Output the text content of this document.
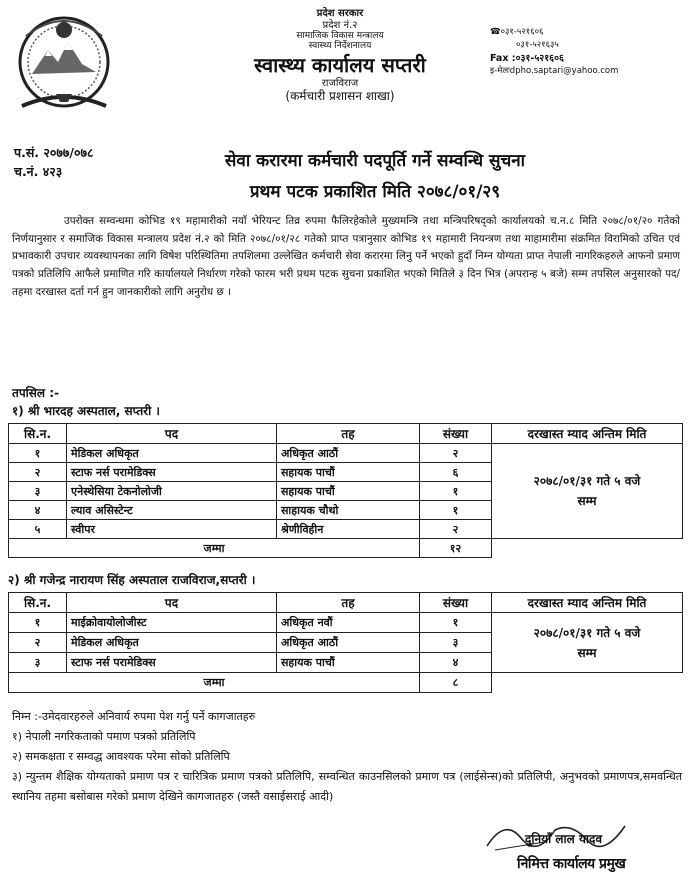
प्रदेश सरकार
प्रदेश नं.२
सामाजिक विकास मन्त्रालय
स्वास्थ्य निर्देशनालय
स्वास्थ्य कार्यालय सप्तरी
राजविराज
(कर्मचारी प्रशासन शाखा)
☎०३१-५२१६०६
०३१-५२१६३५
Fax :०३१-५२१६०६
इ-मेलःdpho.saptari@yahoo.com
प.सं. २०७७/०७८
च.नं. ४२३
सेवा करारमा कर्मचारी पदपूर्ति गर्ने सम्वन्धि सुचना
प्रथम पटक प्रकाशित मिति २०७८/०१/२९
उपरोक्त सम्वन्धमा कोभिड १९ महामारीको नयाँ भेरियन्ट तिव्र रुपमा फैलिरहेकोले मुख्यमन्त्रि तथा मन्त्रिपरिषद्को कार्यालयको च.न.८ मिति २०७८/०१/२० गतेको निर्णयानुसार र समाजिक विकास मन्त्रालय प्रदेश नं.२ को मिति २०७८/०१/२८ गतेको प्राप्त पत्रानुसार कोभिड १९ महामारी नियन्त्रण तथा माहामारीमा संक्रमित विरामिको उचित एवं प्रभावकारी उपचार व्यवस्थापनका लागि विषेश परिस्थितिमा तपशिलमा उल्लेखित कर्मचारी सेवा करारमा लिनु पर्ने भएको हुदाँ निम्न योग्यता प्राप्त नेपाली नागरिकहरुले आफनो प्रमाण पत्रको प्रतिलिपि आफैले प्रमाणित गरि कार्यालयले निर्धारण गरेको फारम भरी प्रथम पटक सुचना प्रकाशित भएको मितिले ३ दिन भित्र (अपरान्ह ५ बजे) सम्म तपसिल अनुसारको पद/तहमा दरखास्त दर्ता गर्न हुन जानकारीको लागि अनुरोध छ ।
तपसिल :-
१) श्री भारदह अस्पताल, सप्तरी ।
सि.न.	पद	तह	संख्या	दरखास्त म्याद अन्तिम मिति
१	मेडिकल अधिकृत	अधिकृत आठौं	२	२०७८/०१/३१ गते ५ वजे
सम्म
२	स्टाफ नर्स परामेडिक्स	सहायक पाचौं	६	
३	एनेस्थेसिया टेकनोलोजी	सहायक पाचौं	१	
४	ल्याव असिस्टेन्ट	साहायक चौथो	१	
५	स्वीपर	श्रेणीविहीन	२	
जम्मा			१२	
२) श्री गजेन्द्र नारायण सिंह अस्पताल राजविराज,सप्तरी ।
सि.न.	पद	तह	संख्या	दरखास्त म्याद अन्तिम मिति
१	माईक्रोवायोलोजीस्ट	अधिकृत नवौं	१	२०७८/०१/३१ गते ५ वजे
सम्म
२	मेडिकल अधिकृत	अधिकृत आठौं	३	
३	स्टाफ नर्स परामेडिक्स	सहायक पाचौं	४	
जम्मा			८	
निम्न :-उमेदवारहरुले अनिवार्य रुपमा पेश गर्नु पर्ने कागजातहरु
१) नेपाली नगरिकताको पमाण पत्रको प्रतिलिपि
२) समकक्षता र सम्वद्ध आवश्यक परेमा सोको प्रतिलिपि
३) न्युन्तम शैक्षिक योग्यताको प्रमाण पत्र र चारित्रिक प्रमाण पत्रको प्रतिलिपि, सम्वन्धित काउनसिलको प्रमाण पत्र (लाईसेन्स)को प्रतिलिपी, अनुभवको प्रमाणपत्र,समवन्धित स्थानिय तहमा बसोबास गरेको प्रमाण देखिने कागजातहरु (जस्तै वसाईसराई आदी)
दुनियाँ लाल यादव
निमित्त कार्यालय प्रमुख
